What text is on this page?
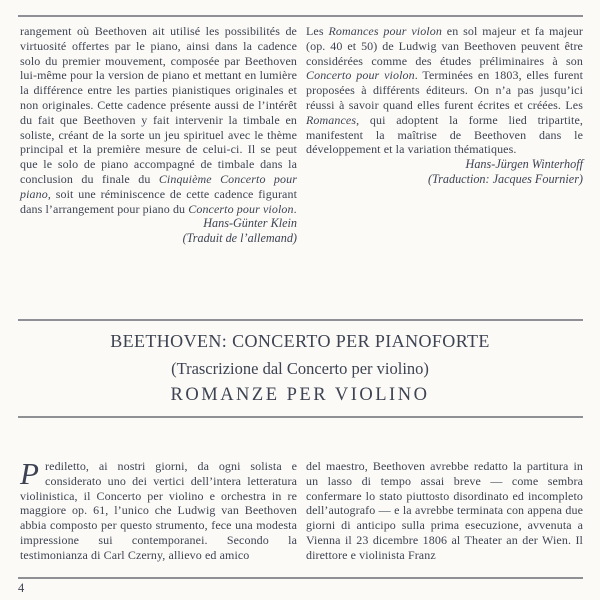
rangement où Beethoven ait utilisé les possibilités de virtuosité offertes par le piano, ainsi dans la cadence solo du premier mouvement, composée par Beethoven lui-même pour la version de piano et mettant en lumière la différence entre les parties pianistiques originales et non originales. Cette cadence présente aussi de l’intérêt du fait que Beethoven y fait intervenir la timbale en soliste, créant de la sorte un jeu spirituel avec le thème principal et la première mesure de celui-ci. Il se peut que le solo de piano accompagné de timbale dans la conclusion du finale du Cinquième Concerto pour piano, soit une réminiscence de cette cadence figurant dans l’arrangement pour piano du Concerto pour violon.

Hans-Günter Klein
(Traduit de l’allemand)

Les Romances pour violon en sol majeur et fa majeur (op. 40 et 50) de Ludwig van Beethoven peuvent être considérées comme des études préliminaires à son Concerto pour violon. Terminées en 1803, elles furent proposées à différents éditeurs. On n’a pas jusqu’ici réussi à savoir quand elles furent écrites et créées. Les Romances, qui adoptent la forme lied tripartite, manifestent la maîtrise de Beethoven dans le développement et la variation thématiques.

Hans-Jürgen Winterhoff
(Traduction: Jacques Fournier)
BEETHOVEN: CONCERTO PER PIANOFORTE
(Trascrizione dal Concerto per violino)
ROMANZE PER VIOLINO

Prediletto, ai nostri giorni, da ogni solista e considerato uno dei vertici dell’intera letteratura violinistica, il Concerto per violino e orchestra in re maggiore op. 61, l’unico che Ludwig van Beethoven abbia composto per questo strumento, fece una modesta impressione sui contemporanei. Secondo la testimonianza di Carl Czerny, allievo ed amico

del maestro, Beethoven avrebbe redatto la partitura in un lasso di tempo assai breve — come sembra confermare lo stato piuttosto disordinato ed incompleto dell’autografo — e la avrebbe terminata con appena due giorni di anticipo sulla prima esecuzione, avvenuta a Vienna il 23 dicembre 1806 al Theater an der Wien. Il direttore e violinista Franz

4
